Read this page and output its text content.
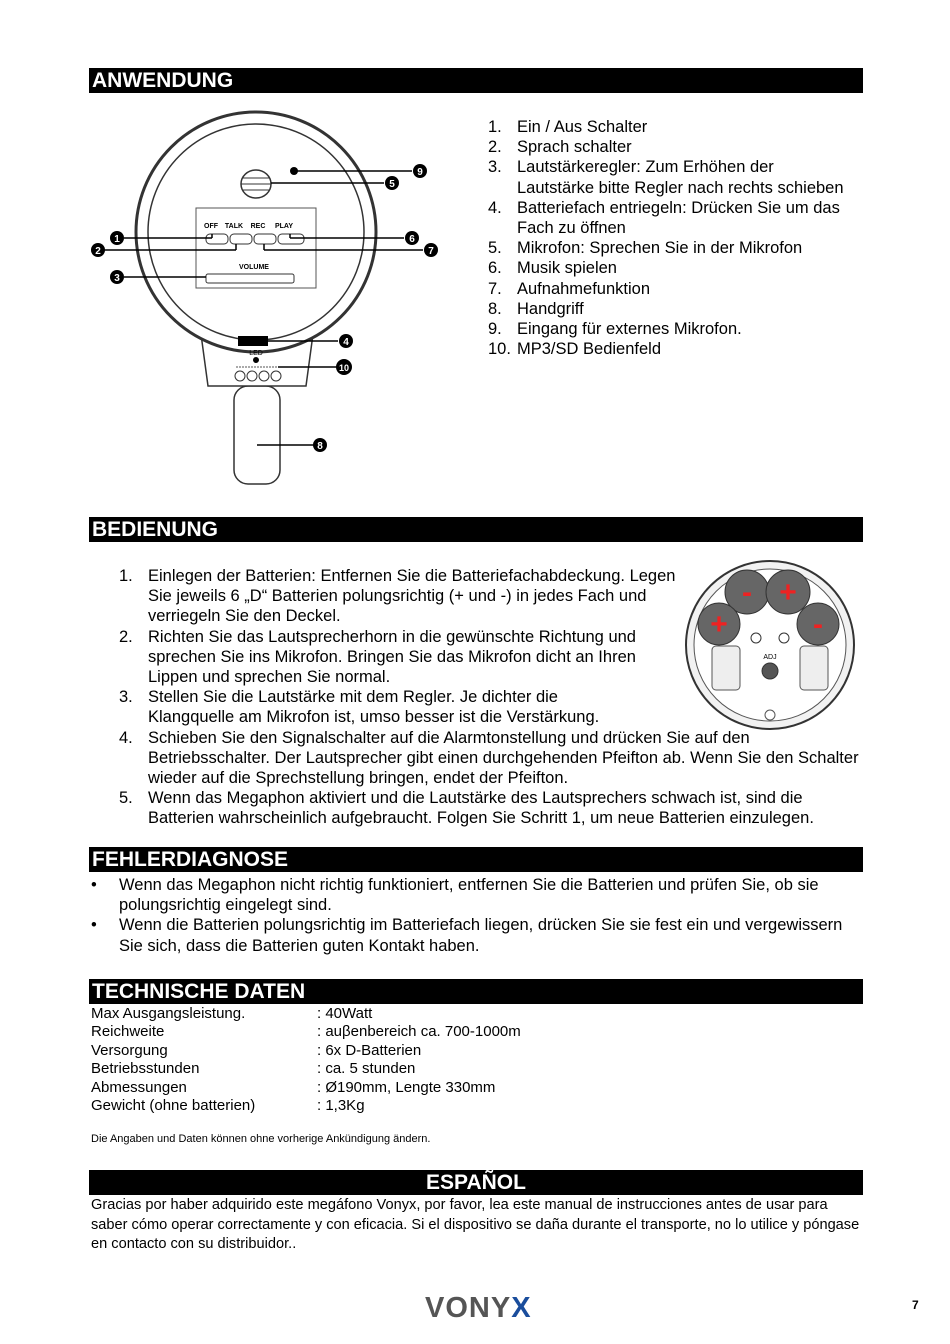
ANWENDUNG
OFF TALK REC PLAY
VOLUME
LED
1
2
3
4
5
6
7
8
9
10
1. Ein / Aus Schalter
2. Sprach schalter
3. Lautstärkeregler: Zum Erhöhen der Lautstärke bitte Regler nach rechts schieben
4. Batteriefach entriegeln: Drücken Sie um das Fach zu öffnen
5. Mikrofon: Sprechen Sie in der Mikrofon
6. Musik spielen
7. Aufnahmefunktion
8. Handgriff
9. Eingang für externes Mikrofon.
10. MP3/SD Bedienfeld
BEDIENUNG
- +
+	-
ADJ
1. Einlegen der Batterien: Entfernen Sie die Batteriefachabdeckung. Legen Sie jeweils 6 „D“ Batterien polungsrichtig (+ und -) in jedes Fach und verriegeln Sie den Deckel.
2. Richten Sie das Lautsprecherhorn in die gewünschte Richtung und sprechen Sie ins Mikrofon. Bringen Sie das Mikrofon dicht an Ihren Lippen und sprechen Sie normal.
3. Stellen Sie die Lautstärke mit dem Regler. Je dichter die Klangquelle am Mikrofon ist, umso besser ist die Verstärkung.
4. Schieben Sie den Signalschalter auf die Alarmtonstellung und drücken Sie auf den Betriebsschalter. Der Lautsprecher gibt einen durchgehenden Pfeifton ab. Wenn Sie den Schalter wieder auf die Sprechstellung bringen, endet der Pfeifton.
5. Wenn das Megaphon aktiviert und die Lautstärke des Lautsprechers schwach ist, sind die Batterien wahrscheinlich aufgebraucht. Folgen Sie Schritt 1, um neue Batterien einzulegen.
FEHLERDIAGNOSE
• Wenn das Megaphon nicht richtig funktioniert, entfernen Sie die Batterien und prüfen Sie, ob sie polungsrichtig eingelegt sind.
• Wenn die Batterien polungsrichtig im Batteriefach liegen, drücken Sie sie fest ein und vergewissern Sie sich, dass die Batterien guten Kontakt haben.
TECHNISCHE DATEN
Max Ausgangsleistung.	: 40Watt
Reichweite	: auβenbereich ca. 700-1000m
Versorgung	: 6x D-Batterien
Betriebsstunden	: ca. 5 stunden
Abmessungen	: Ø190mm, Lengte 330mm
Gewicht (ohne batterien)	: 1,3Kg
Die Angaben und Daten können ohne vorherige Ankündigung ändern.
ESPAÑOL
Gracias por haber adquirido este megáfono Vonyx, por favor, lea este manual de instrucciones antes de usar para saber cómo operar correctamente y con eficacia. Si el dispositivo se daña durante el transporte, no lo utilice y póngase en contacto con su distribuidor..
VONYX	7
